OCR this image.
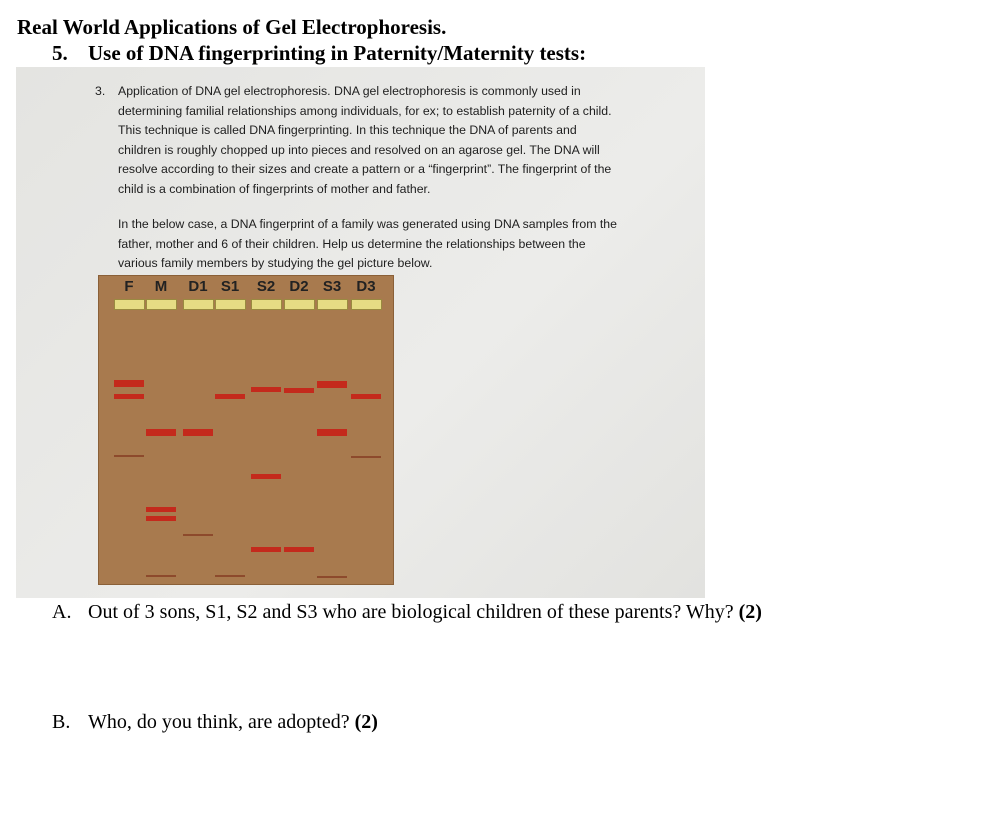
Real World Applications of Gel Electrophoresis.
5. Use of DNA fingerprinting in Paternity/Maternity tests:
3. Application of DNA gel electrophoresis. DNA gel electrophoresis is commonly used in
determining familial relationships among individuals, for ex; to establish paternity of a child.
This technique is called DNA fingerprinting. In this technique the DNA of parents and
children is roughly chopped up into pieces and resolved on an agarose gel. The DNA will
resolve according to their sizes and create a pattern or a “fingerprint”. The fingerprint of the
child is a combination of fingerprints of mother and father.
In the below case, a DNA fingerprint of a family was generated using DNA samples from the
father, mother and 6 of their children. Help us determine the relationships between the
various family members by studying the gel picture below.
F	M	D1 S1	S2 D2 S3	D3
A. Out of 3 sons, S1, S2 and S3 who are biological children of these parents? Why? (2)
B. Who, do you think, are adopted? (2)
